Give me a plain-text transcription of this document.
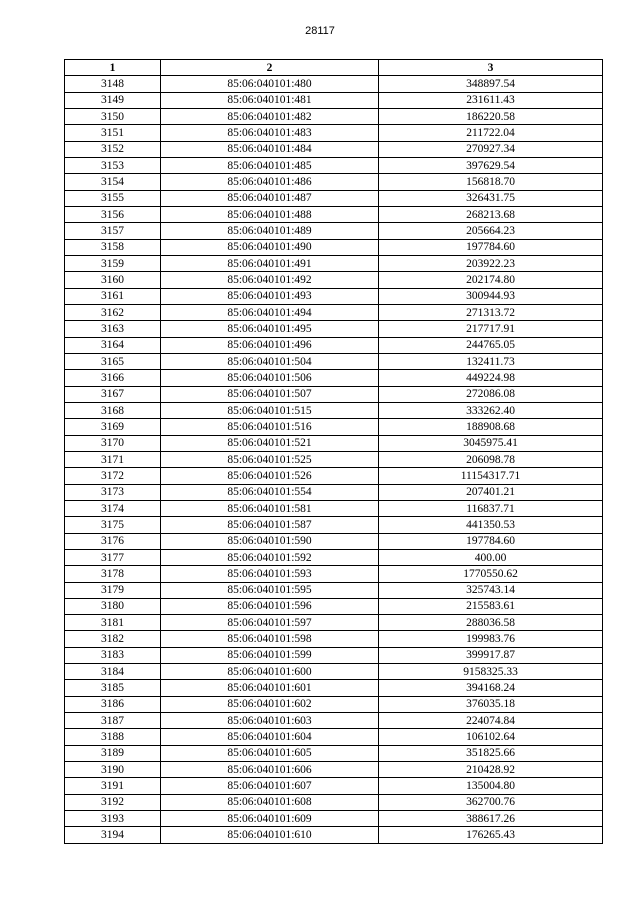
28117
1	2	3
3148	85:06:040101:480	348897.54
3149	85:06:040101:481	231611.43
3150	85:06:040101:482	186220.58
3151	85:06:040101:483	211722.04
3152	85:06:040101:484	270927.34
3153	85:06:040101:485	397629.54
3154	85:06:040101:486	156818.70
3155	85:06:040101:487	326431.75
3156	85:06:040101:488	268213.68
3157	85:06:040101:489	205664.23
3158	85:06:040101:490	197784.60
3159	85:06:040101:491	203922.23
3160	85:06:040101:492	202174.80
3161	85:06:040101:493	300944.93
3162	85:06:040101:494	271313.72
3163	85:06:040101:495	217717.91
3164	85:06:040101:496	244765.05
3165	85:06:040101:504	132411.73
3166	85:06:040101:506	449224.98
3167	85:06:040101:507	272086.08
3168	85:06:040101:515	333262.40
3169	85:06:040101:516	188908.68
3170	85:06:040101:521	3045975.41
3171	85:06:040101:525	206098.78
3172	85:06:040101:526	11154317.71
3173	85:06:040101:554	207401.21
3174	85:06:040101:581	116837.71
3175	85:06:040101:587	441350.53
3176	85:06:040101:590	197784.60
3177	85:06:040101:592	400.00
3178	85:06:040101:593	1770550.62
3179	85:06:040101:595	325743.14
3180	85:06:040101:596	215583.61
3181	85:06:040101:597	288036.58
3182	85:06:040101:598	199983.76
3183	85:06:040101:599	399917.87
3184	85:06:040101:600	9158325.33
3185	85:06:040101:601	394168.24
3186	85:06:040101:602	376035.18
3187	85:06:040101:603	224074.84
3188	85:06:040101:604	106102.64
3189	85:06:040101:605	351825.66
3190	85:06:040101:606	210428.92
3191	85:06:040101:607	135004.80
3192	85:06:040101:608	362700.76
3193	85:06:040101:609	388617.26
3194	85:06:040101:610	176265.43
